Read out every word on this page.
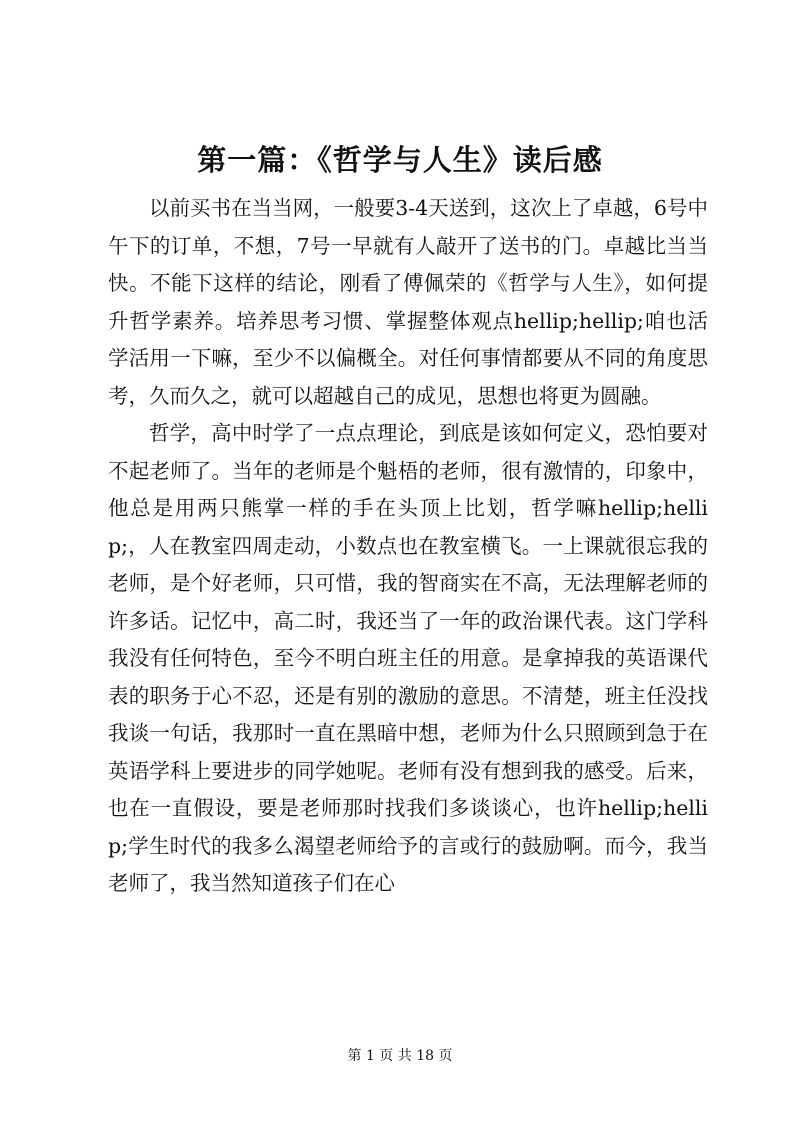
第一篇：《哲学与人生》读后感

以前买书在当当网，一般要3-4天送到，这次上了卓越，6号中午下的订单，不想，7号一早就有人敲开了送书的门。卓越比当当快。不能下这样的结论，刚看了傅佩荣的《哲学与人生》，如何提升哲学素养。培养思考习惯、掌握整体观点hellip;hellip;咱也活学活用一下嘛，至少不以偏概全。对任何事情都要从不同的角度思考，久而久之，就可以超越自己的成见，思想也将更为圆融。

哲学，高中时学了一点点理论，到底是该如何定义，恐怕要对不起老师了。当年的老师是个魁梧的老师，很有激情的，印象中，他总是用两只熊掌一样的手在头顶上比划，哲学嘛hellip;hellip;，人在教室四周走动，小数点也在教室横飞。一上课就很忘我的老师，是个好老师，只可惜，我的智商实在不高，无法理解老师的许多话。记忆中，高二时，我还当了一年的政治课代表。这门学科我没有任何特色，至今不明白班主任的用意。是拿掉我的英语课代表的职务于心不忍，还是有别的激励的意思。不清楚，班主任没找我谈一句话，我那时一直在黑暗中想，老师为什么只照顾到急于在英语学科上要进步的同学她呢。老师有没有想到我的感受。后来，也在一直假设，要是老师那时找我们多谈谈心，也许hellip;hellip;学生时代的我多么渴望老师给予的言或行的鼓励啊。而今，我当老师了，我当然知道孩子们在心

第 1 页 共 18 页
